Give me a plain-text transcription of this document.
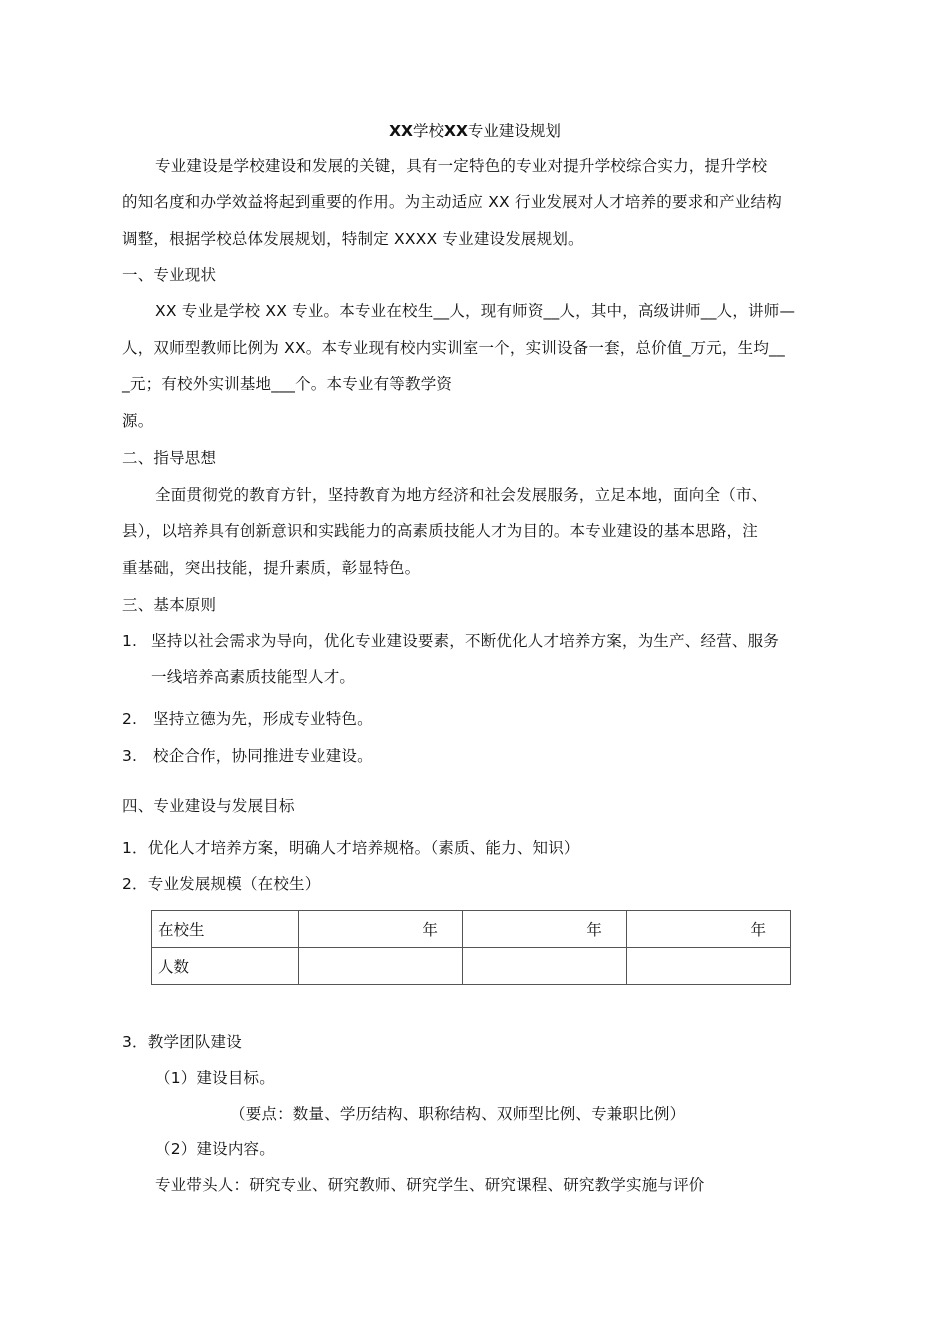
XX学校XX专业建设规划
专业建设是学校建设和发展的关键，具有一定特色的专业对提升学校综合实力，提升学校
的知名度和办学效益将起到重要的作用。为主动适应 XX 行业发展对人才培养的要求和产业结构
调整，根据学校总体发展规划，特制定 XXXX 专业建设发展规划。
一、专业现状
XX 专业是学校 XX 专业。本专业在校生__人，现有师资__人，其中，高级讲师__人，讲师—
人，双师型教师比例为 XX。本专业现有校内实训室一个，实训设备一套，总价值_万元，生均__
_元；有校外实训基地___个。本专业有等教学资
源。
二、指导思想
全面贯彻党的教育方针，坚持教育为地方经济和社会发展服务，立足本地，面向全（市、
县），以培养具有创新意识和实践能力的高素质技能人才为目的。本专业建设的基本思路，注
重基础，突出技能，提升素质，彰显特色。
三、基本原则
1. 坚持以社会需求为导向，优化专业建设要素，不断优化人才培养方案，为生产、经营、服务
一线培养高素质技能型人才。
2. 坚持立德为先，形成专业特色。
3. 校企合作，协同推进专业建设。
四、专业建设与发展目标
1．优化人才培养方案，明确人才培养规格。（素质、能力、知识）
2．专业发展规模（在校生）
在校生	年	年	年
人数			
3．教学团队建设
（1）建设目标。
（要点：数量、学历结构、职称结构、双师型比例、专兼职比例）
（2）建设内容。
专业带头人：研究专业、研究教师、研究学生、研究课程、研究教学实施与评价
